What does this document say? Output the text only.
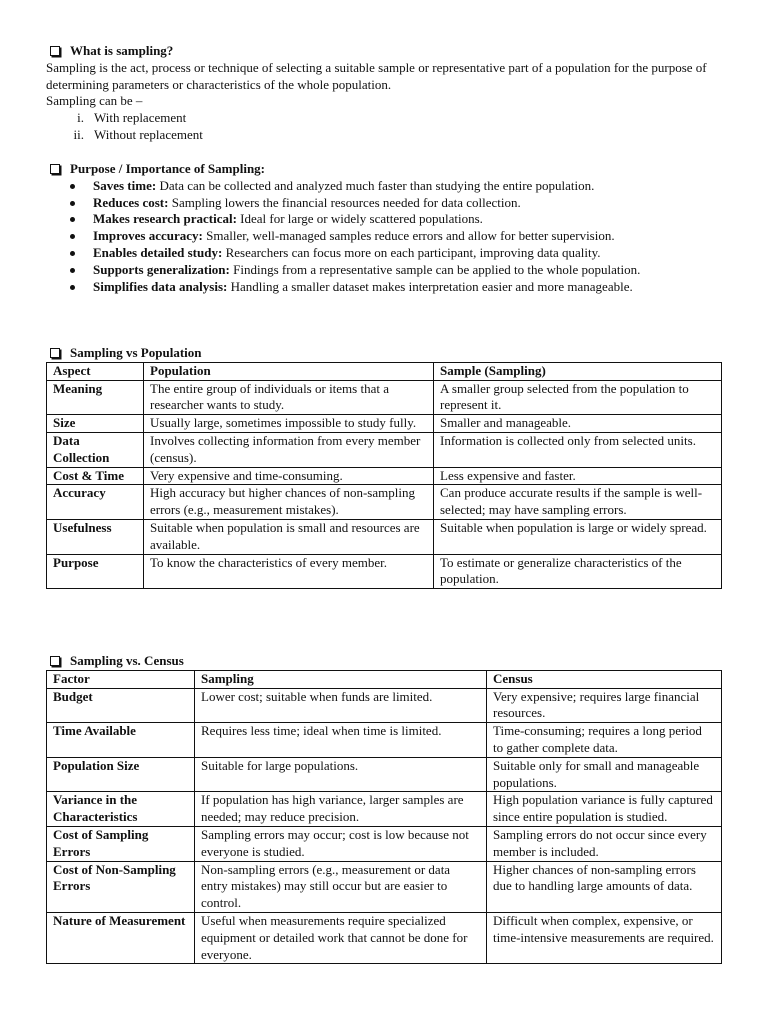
What is sampling?

Sampling is the act, process or technique of selecting a suitable sample or representative part of a population for the purpose of determining parameters or characteristics of the whole population.

Sampling can be –

i. With replacement
ii. Without replacement
Purpose / Importance of Sampling:
Saves time: Data can be collected and analyzed much faster than studying the entire population.
Reduces cost: Sampling lowers the financial resources needed for data collection.
Makes research practical: Ideal for large or widely scattered populations.
Improves accuracy: Smaller, well-managed samples reduce errors and allow for better supervision.
Enables detailed study: Researchers can focus more on each participant, improving data quality.
Supports generalization: Findings from a representative sample can be applied to the whole population.
Simplifies data analysis: Handling a smaller dataset makes interpretation easier and more manageable.
Sampling vs Population
Aspect	Population	Sample (Sampling)
Meaning	The entire group of individuals or items that a researcher wants to study.	A smaller group selected from the population to represent it.
Size	Usually large, sometimes impossible to study fully.	Smaller and manageable.
Data Collection	Involves collecting information from every member (census).	Information is collected only from selected units.
Cost & Time	Very expensive and time-consuming.	Less expensive and faster.
Accuracy	High accuracy but higher chances of non-sampling errors (e.g., measurement mistakes).	Can produce accurate results if the sample is well-selected; may have sampling errors.
Usefulness	Suitable when population is small and resources are available.	Suitable when population is large or widely spread.
Purpose	To know the characteristics of every member.	To estimate or generalize characteristics of the population.
Sampling vs. Census
Factor	Sampling	Census
Budget	Lower cost; suitable when funds are limited.	Very expensive; requires large financial resources.
Time Available	Requires less time; ideal when time is limited.	Time-consuming; requires a long period to gather complete data.
Population Size	Suitable for large populations.	Suitable only for small and manageable populations.
Variance in the Characteristics	If population has high variance, larger samples are needed; may reduce precision.	High population variance is fully captured since entire population is studied.
Cost of Sampling Errors	Sampling errors may occur; cost is low because not everyone is studied.	Sampling errors do not occur since every member is included.
Cost of Non-Sampling Errors	Non-sampling errors (e.g., measurement or data entry mistakes) may still occur but are easier to control.	Higher chances of non-sampling errors due to handling large amounts of data.
Nature of Measurement	Useful when measurements require specialized equipment or detailed work that cannot be done for everyone.	Difficult when complex, expensive, or time-intensive measurements are required.
